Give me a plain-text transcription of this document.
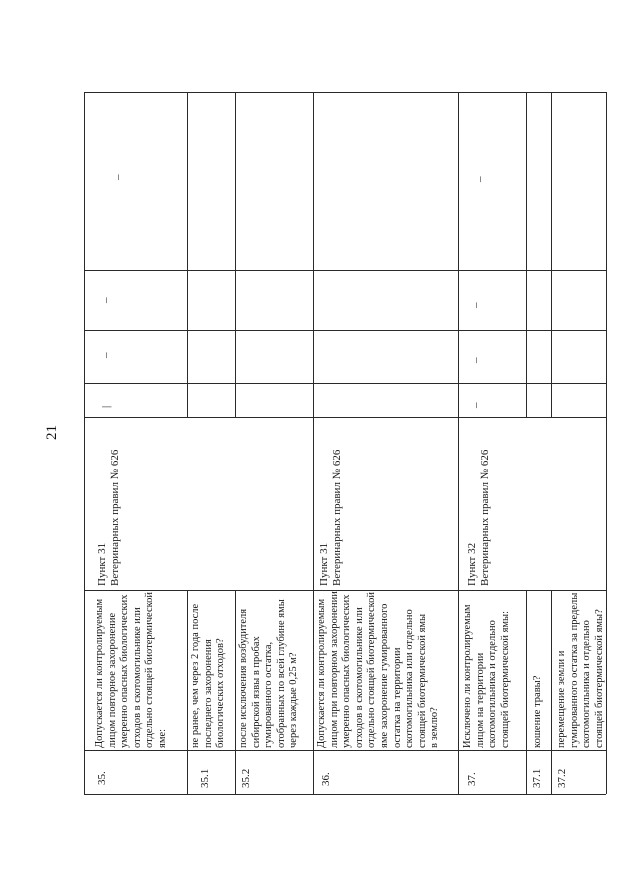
21
35.
Допускается ли контролируемым
лицом повторное захоронение
умеренно опасных биологических
отходов в скотомогильнике или
отдельно стоящей биотермической
яме:
Пункт 31
Ветеринарных правил № 626
|
–
–
–
35.1
не ранее, чем через 2 года после
последнего захоронения
биологических отходов?
35.2
после исключения возбудителя
сибирской язвы в пробах
гумированного остатка,
отобранных по всей глубине ямы
через каждые 0,25 м?
36.
Допускается ли контролируемым
лицом при повторном захоронении
умеренно опасных биологических
отходов в скотомогильнике или
отдельно стоящей биотермической
яме захоронение гумированного
остатка на территории
скотомогильника или отдельно
стоящей биотермической ямы
в землю?
Пункт 31
Ветеринарных правил № 626
37.
Исключено ли контролируемым
лицом на территории
скотомогильника и отдельно
стоящей биотермической ямы:
Пункт 32
Ветеринарных правил № 626
–
–
–
–
37.1
кошение травы?
37.2
перемещение земли и
гумированного остатка за пределы
скотомогильника и отдельно
стоящей биотермической ямы?
